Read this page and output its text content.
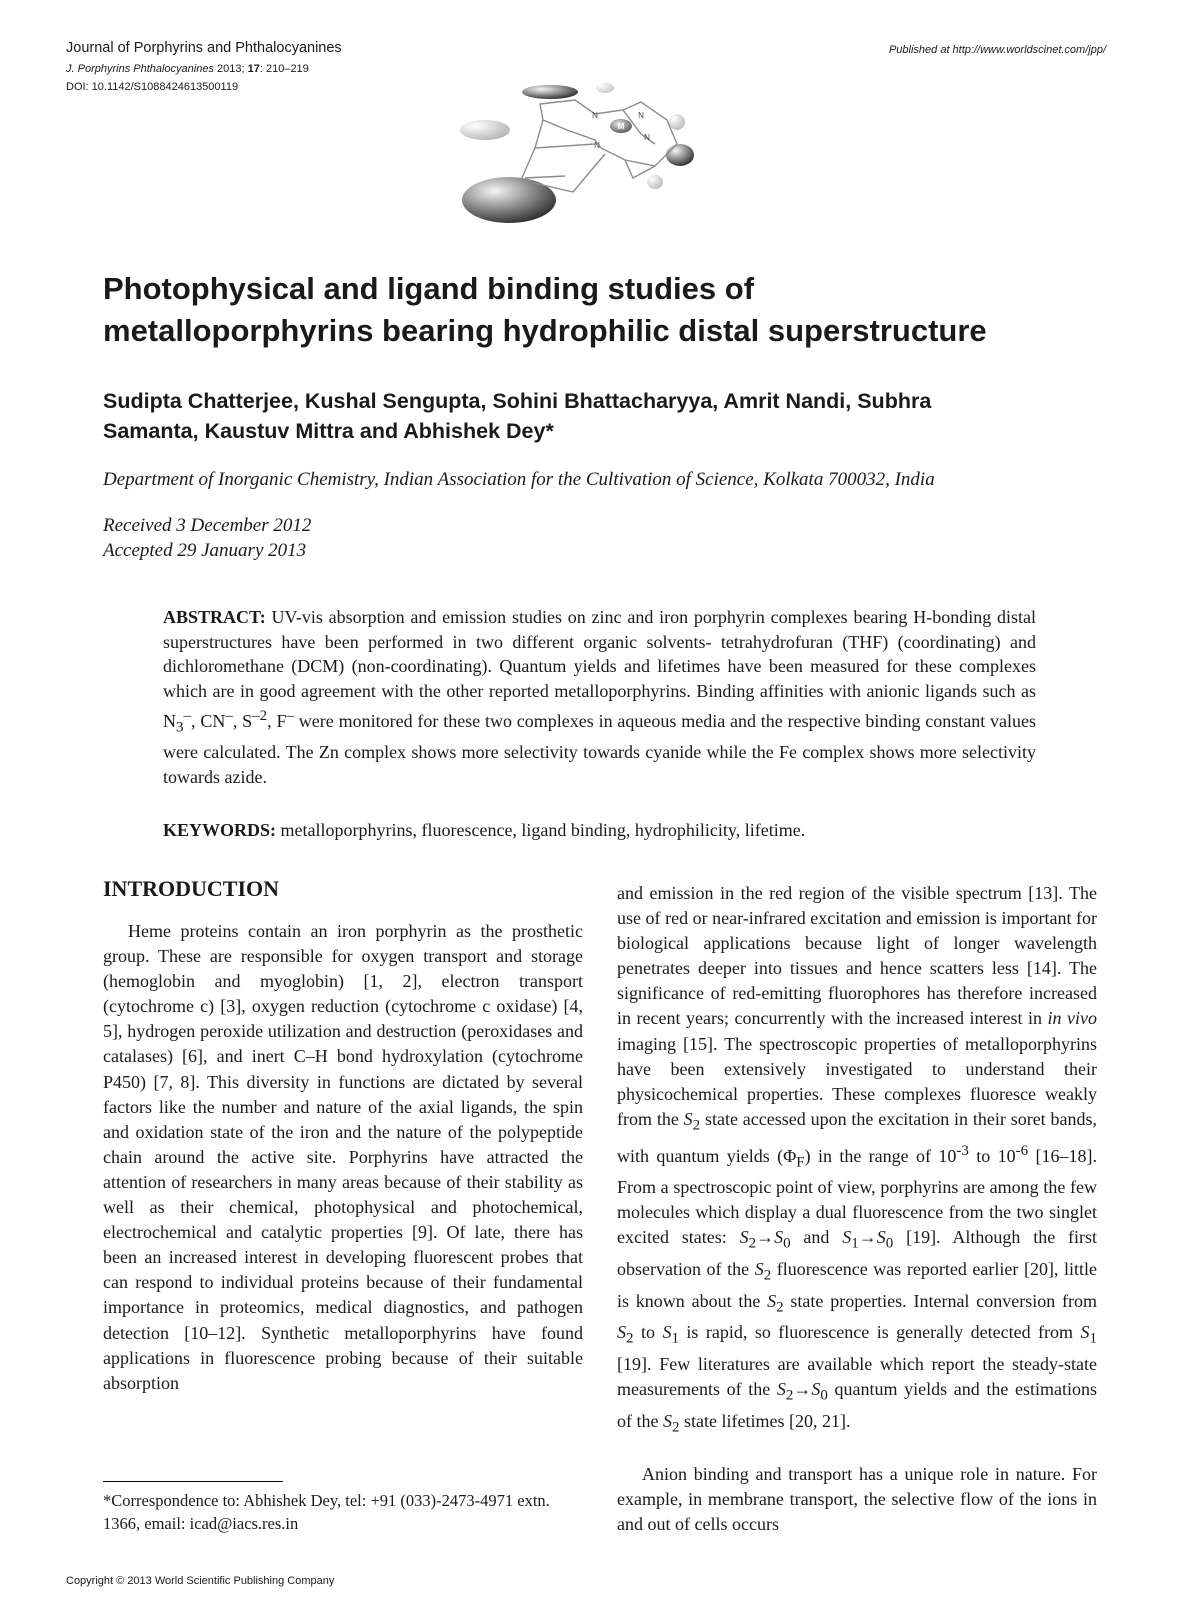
Journal of Porphyrins and Phthalocyanines
J. Porphyrins Phthalocyanines 2013; 17: 210–219
DOI: 10.1142/S1088424613500119
Published at http://www.worldscinet.com/jpp/
M
N	N
N
N
Photophysical and ligand binding studies of
metalloporphyrins bearing hydrophilic distal superstructure
Sudipta Chatterjee, Kushal Sengupta, Sohini Bhattacharyya, Amrit Nandi, Subhra
Samanta, Kaustuv Mittra and Abhishek Dey*
Department of Inorganic Chemistry, Indian Association for the Cultivation of Science, Kolkata 700032, India
Received 3 December 2012
Accepted 29 January 2013

ABSTRACT: UV-vis absorption and emission studies on zinc and iron porphyrin complexes bearing H-bonding distal superstructures have been performed in two different organic solvents- tetrahydrofuran (THF) (coordinating) and dichloromethane (DCM) (non-coordinating). Quantum yields and lifetimes have been measured for these complexes which are in good agreement with the other reported metalloporphyrins. Binding affinities with anionic ligands such as $N_3^-$, CN–, $S^{-2}$, F– were monitored for these two complexes in aqueous media and the respective binding constant values were calculated. The Zn complex shows more selectivity towards cyanide while the Fe complex shows more selectivity towards azide.

KEYWORDS: metalloporphyrins, fluorescence, ligand binding, hydrophilicity, lifetime.
INTRODUCTION

Heme proteins contain an iron porphyrin as the prosthetic group. These are responsible for oxygen transport and storage (hemoglobin and myoglobin) [1, 2], electron transport (cytochrome c) [3], oxygen reduction (cytochrome c oxidase) [4, 5], hydrogen peroxide utilization and destruction (peroxidases and catalases) [6], and inert C–H bond hydroxylation (cytochrome P450) [7, 8]. This diversity in functions are dictated by several factors like the number and nature of the axial ligands, the spin and oxidation state of the iron and the nature of the polypeptide chain around the active site. Porphyrins have attracted the attention of researchers in many areas because of their stability as well as their chemical, photophysical and photochemical, electrochemical and catalytic properties [9]. Of late, there has been an increased interest in developing fluorescent probes that can respond to individual proteins because of their fundamental importance in proteomics, medical diagnostics, and pathogen detection [10–12]. Synthetic metalloporphyrins have found applications in fluorescence probing because of their suitable absorption

and emission in the red region of the visible spectrum [13]. The use of red or near-infrared excitation and emission is important for biological applications because light of longer wavelength penetrates deeper into tissues and hence scatters less [14]. The significance of red-emitting fluorophores has therefore increased in recent years; concurrently with the increased interest in in vivo imaging [15]. The spectroscopic properties of metalloporphyrins have been extensively investigated to understand their physicochemical properties. These complexes fluoresce weakly from the $S_2$ state accessed upon the excitation in their soret bands, with quantum yields $(\Phi_F)$ in the range of $10^{-3}$ to $10^{-6}$ [16–18]. From a spectroscopic point of view, porphyrins are among the few molecules which display a dual fluorescence from the two singlet excited states: $S_2\to S_0$ and $S_1\to S_0$ [19]. Although the first observation of the $S_2$ fluorescence was reported earlier [20], little is known about the $S_2$ state properties. Internal conversion from $S_2$ to $S_1$ is rapid, so fluorescence is generally detected from $S_1$ [19]. Few literatures are available which report the steady-state measurements of the $S_2\to S_0$ quantum yields and the estimations of the $S_2$ state lifetimes [20, 21].

Anion binding and transport has a unique role in nature. For example, in membrane transport, the selective flow of the ions in and out of cells occurs

*Correspondence to: Abhishek Dey, tel: +91 (033)-2473-4971 extn. 1366, email: icad@iacs.res.in
Copyright © 2013 World Scientific Publishing Company
